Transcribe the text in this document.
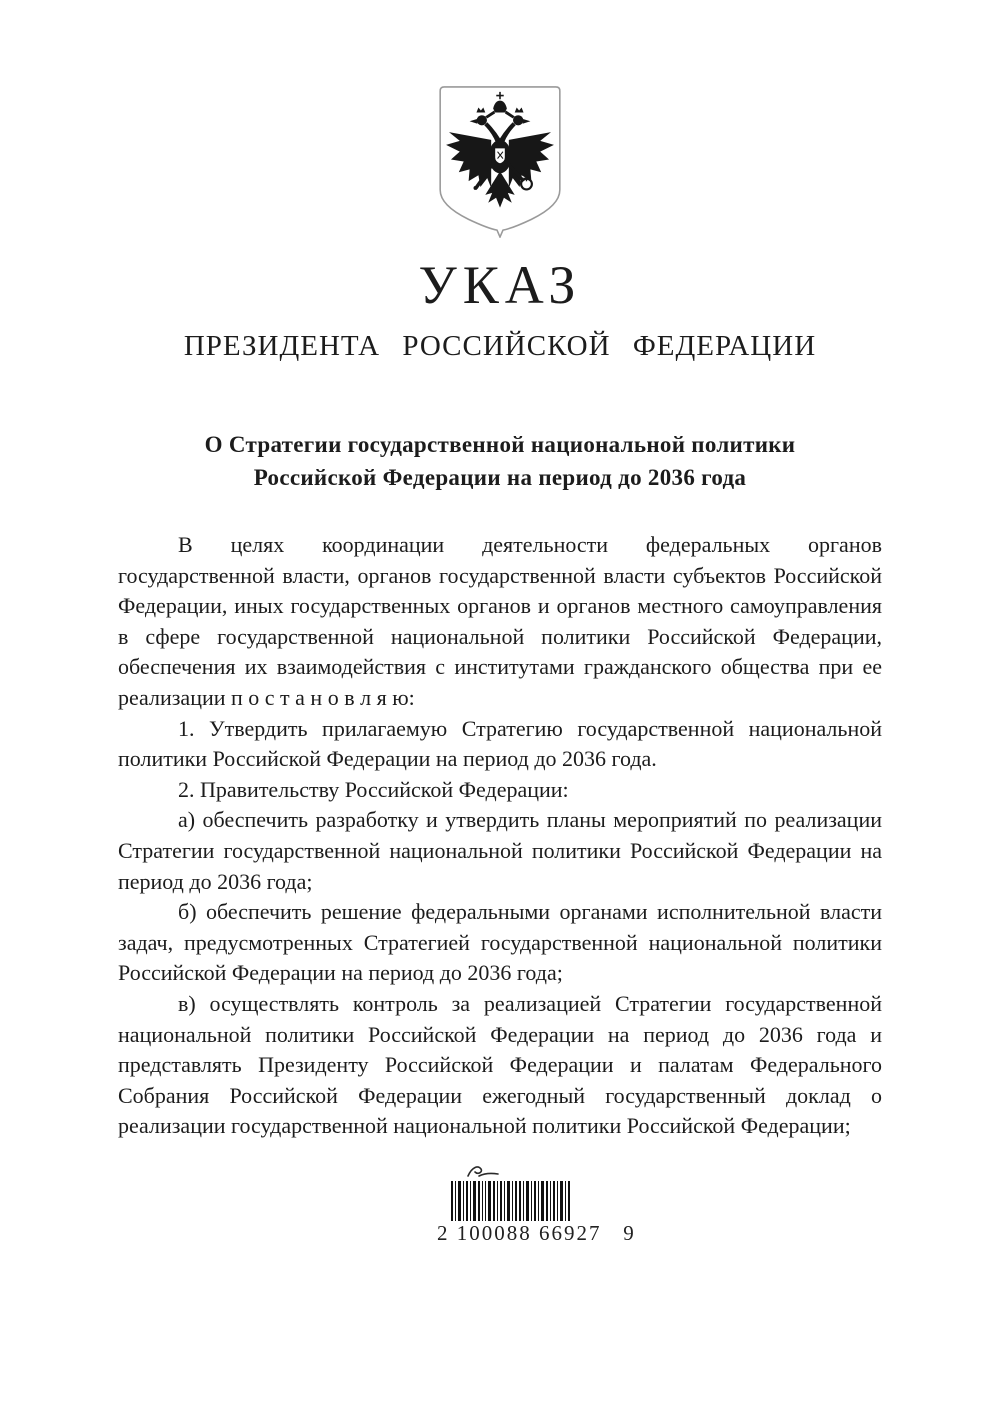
УКАЗ
ПРЕЗИДЕНТА РОССИЙСКОЙ ФЕДЕРАЦИИ
О Стратегии государственной национальной политики
Российской Федерации на период до 2036 года

В целях координации деятельности федеральных органов государственной власти, органов государственной власти субъектов Российской Федерации, иных государственных органов и органов местного самоуправления в сфере государственной национальной политики Российской Федерации, обеспечения их взаимодействия с институтами гражданского общества при ее реализации п о с т а н о в л я ю:

1. Утвердить прилагаемую Стратегию государственной национальной политики Российской Федерации на период до 2036 года.

2. Правительству Российской Федерации:

а) обеспечить разработку и утвердить планы мероприятий по реализации Стратегии государственной национальной политики Российской Федерации на период до 2036 года;

б) обеспечить решение федеральными органами исполнительной власти задач, предусмотренных Стратегией государственной национальной политики Российской Федерации на период до 2036 года;

в) осуществлять контроль за реализацией Стратегии государственной национальной политики Российской Федерации на период до 2036 года и представлять Президенту Российской Федерации и палатам Федерального Собрания Российской Федерации ежегодный государственный доклад о реализации государственной национальной политики Российской Федерации;

2 100088 66927   9
